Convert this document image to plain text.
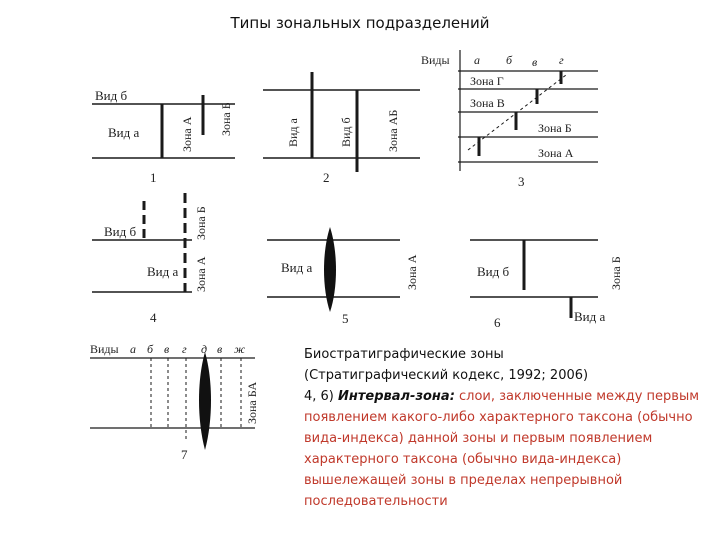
Типы зональных подразделений
Вид б
Вид а	Зона А Зона Б
1
Вид а	Вид б	Зона АБ
2
Виды а б в г
Зона Г
Зона В
Зона Б
Зона А
3
Вид б
Вид а
Зона Б
Зона А
4
Вид а	Зона А
5
Вид б
Вид а
Зона Б
6
Виды а б в г д в ж
Зона БА
7
Биостратиграфические зоны
(Стратиграфический кодекс, 1992; 2006)
4, 6) Интервал-зона: слои, заключенные между первым появлением какого-либо характерного таксона (обычно вида-индекса) данной зоны и первым появлением характерного таксона (обычно вида-индекса) вышележащей зоны в пределах непрерывной последовательности
